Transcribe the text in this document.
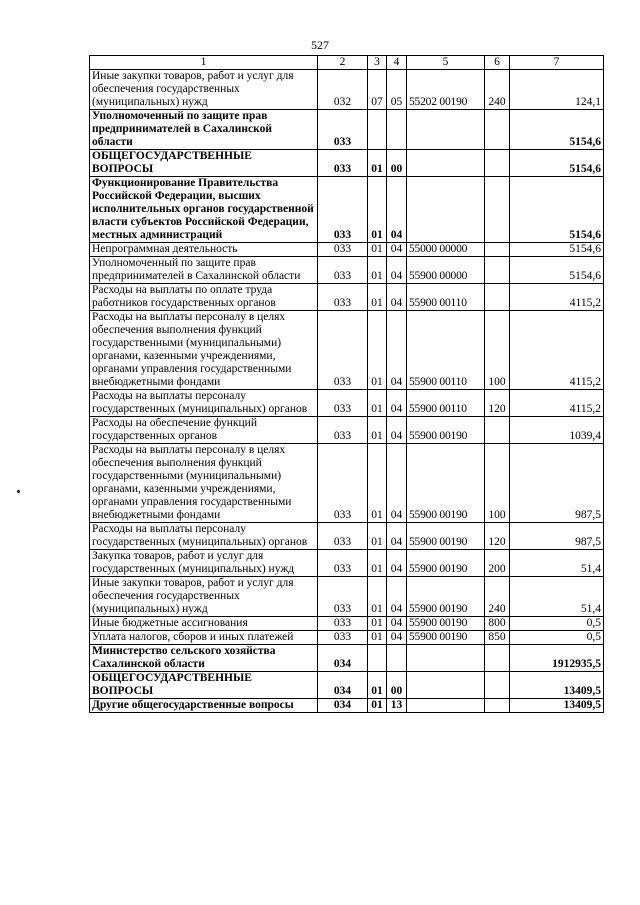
527
1	2	3	4	5	6	7
Иные закупки товаров, работ и услуг для обеспечения государственных (муниципальных) нужд	032	07	05	55202 00190	240	124,1
Уполномоченный по защите прав предпринимателей в Сахалинской области	033					5154,6
ОБЩЕГОСУДАРСТВЕННЫЕ ВОПРОСЫ	033	01	00			5154,6
Функционирование Правительства Российской Федерации, высших исполнительных органов государственной власти субъектов Российской Федерации, местных администраций	033	01	04			5154,6
Непрограммная деятельность	033	01	04	55000 00000		5154,6
Уполномоченный по защите прав предпринимателей в Сахалинской области	033	01	04	55900 00000		5154,6
Расходы на выплаты по оплате труда работников государственных органов	033	01	04	55900 00110		4115,2
Расходы на выплаты персоналу в целях обеспечения выполнения функций государственными (муниципальными) органами, казенными учреждениями, органами управления государственными внебюджетными фондами	033	01	04	55900 00110	100	4115,2
Расходы на выплаты персоналу государственных (муниципальных) органов	033	01	04	55900 00110	120	4115,2
Расходы на обеспечение функций государственных органов	033	01	04	55900 00190		1039,4
Расходы на выплаты персоналу в целях обеспечения выполнения функций государственными (муниципальными) органами, казенными учреждениями, органами управления государственными внебюджетными фондами	033	01	04	55900 00190	100	987,5
Расходы на выплаты персоналу государственных (муниципальных) органов	033	01	04	55900 00190	120	987,5
Закупка товаров, работ и услуг для государственных (муниципальных) нужд	033	01	04	55900 00190	200	51,4
Иные закупки товаров, работ и услуг для обеспечения государственных (муниципальных) нужд	033	01	04	55900 00190	240	51,4
Иные бюджетные ассигнования	033	01	04	55900 00190	800	0,5
Уплата налогов, сборов и иных платежей	033	01	04	55900 00190	850	0,5
Министерство сельского хозяйства Сахалинской области	034					1912935,5
ОБЩЕГОСУДАРСТВЕННЫЕ ВОПРОСЫ	034	01	00			13409,5
Другие общегосударственные вопросы	034	01	13			13409,5
